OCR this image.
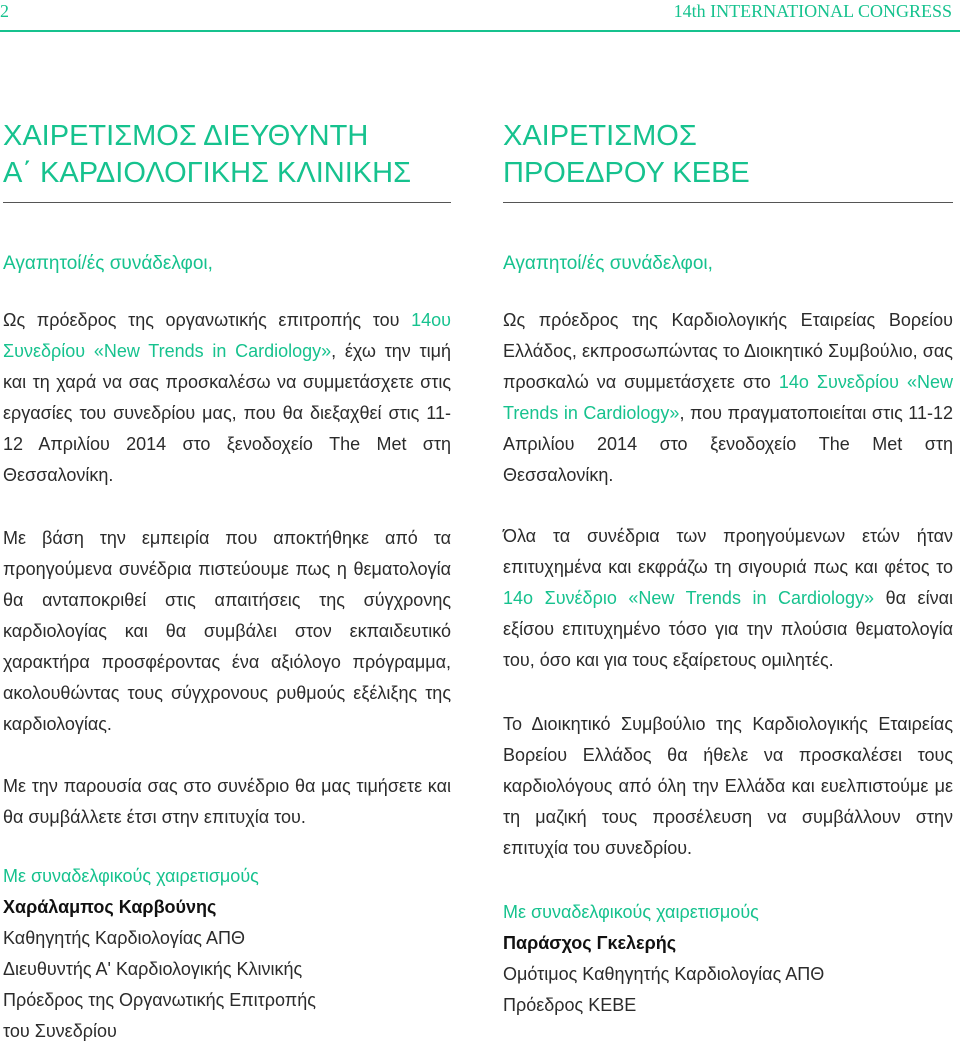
2	14th INTERNATIONAL CONGRESS
ΧΑΙΡΕΤΙΣΜΟΣ ΔΙΕΥΘΥΝΤΗ
Α΄ ΚΑΡΔΙΟΛΟΓΙΚΗΣ ΚΛΙΝΙΚΗΣ

Αγαπητοί/ές συνάδελφοι,

Ως πρόεδρος της οργανωτικής επιτροπής του 14ου Συνεδρίου «New Trends in Cardiology», έχω την τιμή και τη χαρά να σας προσκαλέσω να συμμετάσχετε στις εργασίες του συνεδρίου μας, που θα διεξαχθεί στις 11-12 Απριλίου 2014 στο ξενοδοχείο The Met στη Θεσσαλονίκη.

Με βάση την εμπειρία που αποκτήθηκε από τα προηγούμενα συνέδρια πιστεύουμε πως η θεματολογία θα ανταποκριθεί στις απαιτήσεις της σύγχρονης καρδιολογίας και θα συμβάλει στον εκπαιδευτικό χαρακτήρα προσφέροντας ένα αξιόλογο πρόγραμμα, ακολουθώντας τους σύγχρονους ρυθμούς εξέλιξης της καρδιολογίας.

Με την παρουσία σας στο συνέδριο θα μας τιμήσετε και θα συμβάλλετε έτσι στην επιτυχία του.

Με συναδελφικούς χαιρετισμούς

Χαράλαμπος Καρβούνης

Καθηγητής Καρδιολογίας ΑΠΘ

Διευθυντής Α' Καρδιολογικής Κλινικής

Πρόεδρος της Οργανωτικής Επιτροπής

του Συνεδρίου

ΧΑΙΡΕΤΙΣΜΟΣ
ΠΡΟΕΔΡΟΥ ΚΕΒΕ

Αγαπητοί/ές συνάδελφοι,

Ως πρόεδρος της Καρδιολογικής Εταιρείας Βορείου Ελλάδος, εκπροσωπώντας το Διοικητικό Συμβούλιο, σας προσκαλώ να συμμετάσχετε στο 14ο Συνεδρίου «New Trends in Cardiology», που πραγματοποιείται στις 11-12 Απριλίου 2014 στο ξενοδοχείο The Met στη Θεσσαλονίκη.

Όλα τα συνέδρια των προηγούμενων ετών ήταν επιτυχημένα και εκφράζω τη σιγουριά πως και φέτος το 14ο Συνέδριο «New Trends in Cardiology» θα είναι εξίσου επιτυχημένο τόσο για την πλούσια θεματολογία του, όσο και για τους εξαίρετους ομιλητές.

Το Διοικητικό Συμβούλιο της Καρδιολογικής Εταιρείας Βορείου Ελλάδος θα ήθελε να προσκαλέσει τους καρδιολόγους από όλη την Ελλάδα και ευελπιστούμε με τη μαζική τους προσέλευση να συμβάλλουν στην επιτυχία του συνεδρίου.

Με συναδελφικούς χαιρετισμούς

Παράσχος Γκελερής

Ομότιμος Καθηγητής Καρδιολογίας ΑΠΘ

Πρόεδρος ΚΕΒΕ
